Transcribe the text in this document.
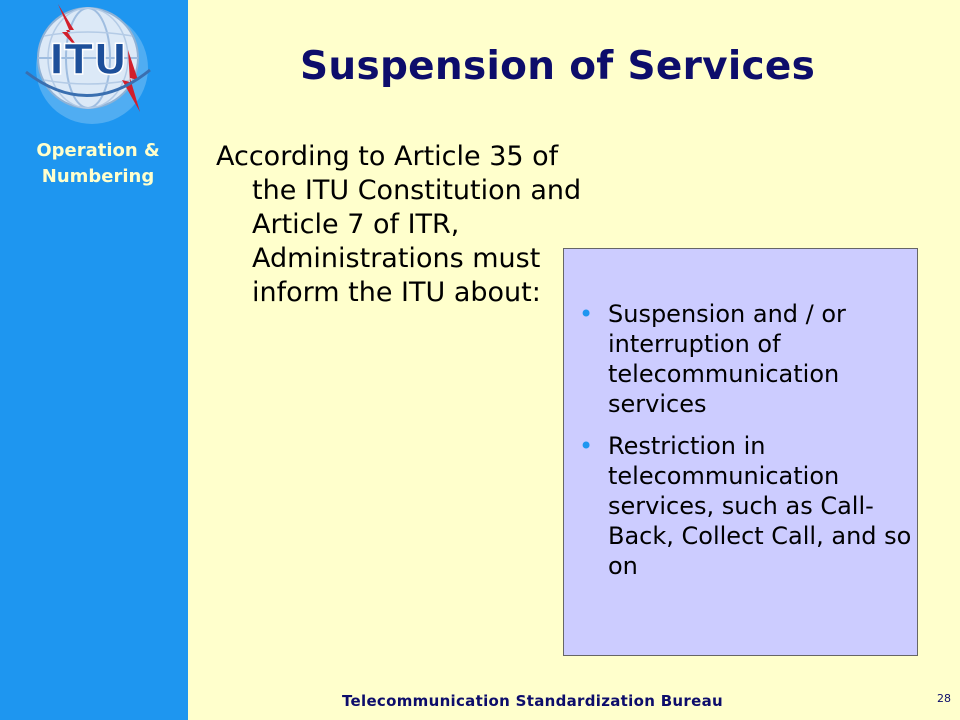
ITU
Operation &
Numbering
Suspension of Services

According to Article 35 of the ITU Constitution and Article 7 of ITR, Administrations must inform the ITU about:

• Suspension and / or interruption of telecommunication services
• Restriction in telecommunication services, such as Call-Back, Collect Call, and so on
Telecommunication Standardization Bureau	28
